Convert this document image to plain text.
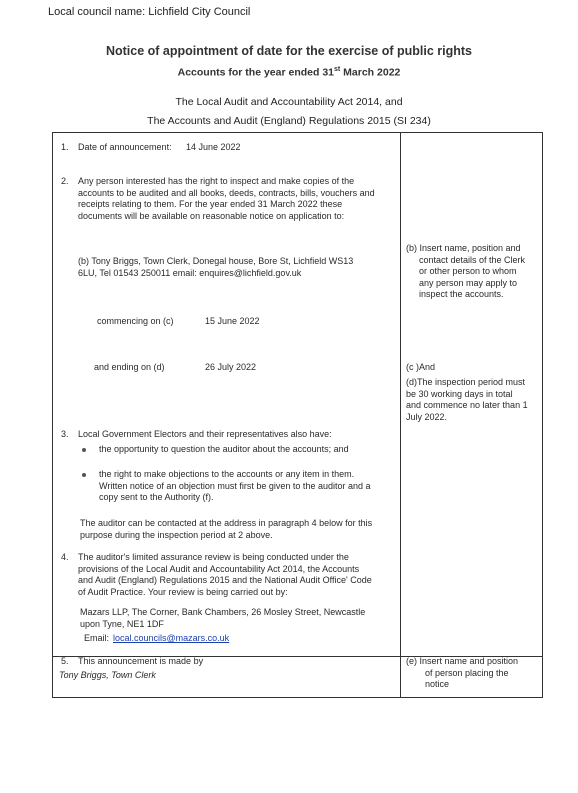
Local council name: Lichfield City Council
Notice of appointment of date for the exercise of public rights
Accounts for the year ended 31st March 2022
The Local Audit and Accountability Act 2014, and
The Accounts and Audit (England) Regulations 2015 (SI 234)
1.	Date of announcement: 14 June 2022
2.	Any person interested has the right to inspect and make copies of the
accounts to be audited and all books, deeds, contracts, bills, vouchers and
receipts relating to them. For the year ended 31 March 2022 these
documents will be available on reasonable notice on application to:
(b) Tony Briggs, Town Clerk, Donegal house, Bore St, Lichfield WS13
6LU, Tel 01543 250011 email: enquires@lichfield.gov.uk
commencing on (c)	15 June 2022
and ending on (d)	26 July 2022
3.	Local Government Electors and their representatives also have:
the opportunity to question the auditor about the accounts; and
the right to make objections to the accounts or any item in them.
Written notice of an objection must first be given to the auditor and a
copy sent to the Authority (f).
The auditor can be contacted at the address in paragraph 4 below for this
purpose during the inspection period at 2 above.
4.	The auditor's limited assurance review is being conducted under the
provisions of the Local Audit and Accountability Act 2014, the Accounts
and Audit (England) Regulations 2015 and the National Audit Office' Code
of Audit Practice. Your review is being carried out by:
Mazars LLP, The Corner, Bank Chambers, 26 Mosley Street, Newcastle
upon Tyne, NE1 1DF
Email: local.councils@mazars.co.uk
5.	This announcement is made by
Tony Briggs, Town Clerk
(b) Insert name, position and
contact details of the Clerk
or other person to whom
any person may apply to
inspect the accounts.
(c )And
(d)The inspection period must
be 30 working days in total
and commence no later than 1
July 2022.
(e) Insert name and position
of person placing the
notice
